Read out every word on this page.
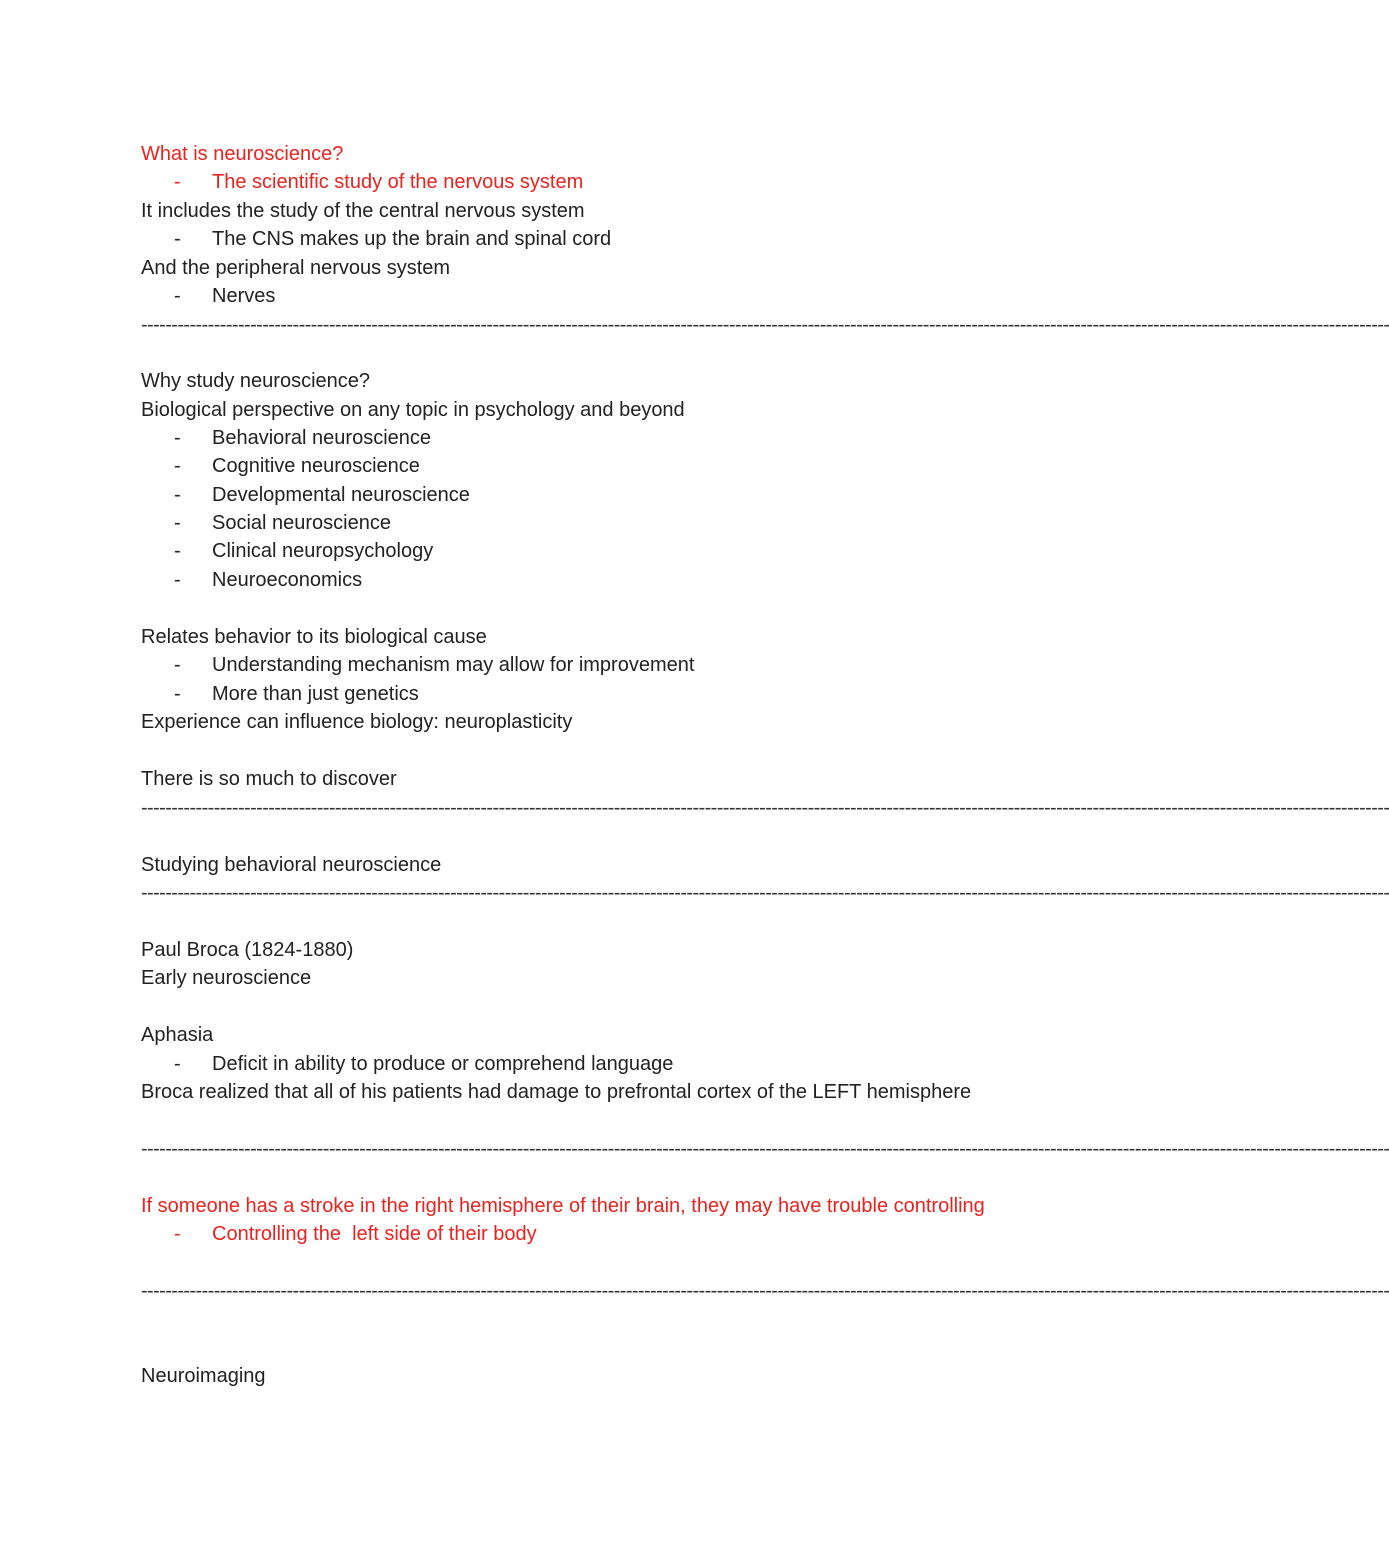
What is neuroscience?

-

The scientific study of the nervous system

It includes the study of the central nervous system

-

The CNS makes up the brain and spinal cord

And the peripheral nervous system

-

Nerves

--------------------------------------------------------------------------------------------------------------------------------------------------------------------------------------------------------------
Why study neuroscience?
Biological perspective on any topic in psychology and beyond

-

Behavioral neuroscience

-

Cognitive neuroscience

-

Developmental neuroscience

-

Social neuroscience

-

Clinical neuropsychology

-

Neuroeconomics

Relates behavior to its biological cause

-

Understanding mechanism may allow for improvement

-

More than just genetics

Experience can influence biology: neuroplasticity
There is so much to discover
--------------------------------------------------------------------------------------------------------------------------------------------------------------------------------------------------------------
Studying behavioral neuroscience
--------------------------------------------------------------------------------------------------------------------------------------------------------------------------------------------------------------
Paul Broca (1824-1880)
Early neuroscience
Aphasia

-

Deficit in ability to produce or comprehend language

Broca realized that all of his patients had damage to prefrontal cortex of the LEFT hemisphere
--------------------------------------------------------------------------------------------------------------------------------------------------------------------------------------------------------------
If someone has a stroke in the right hemisphere of their brain, they may have trouble controlling

-

Controlling the  left side of their body

--------------------------------------------------------------------------------------------------------------------------------------------------------------------------------------------------------------
Neuroimaging
